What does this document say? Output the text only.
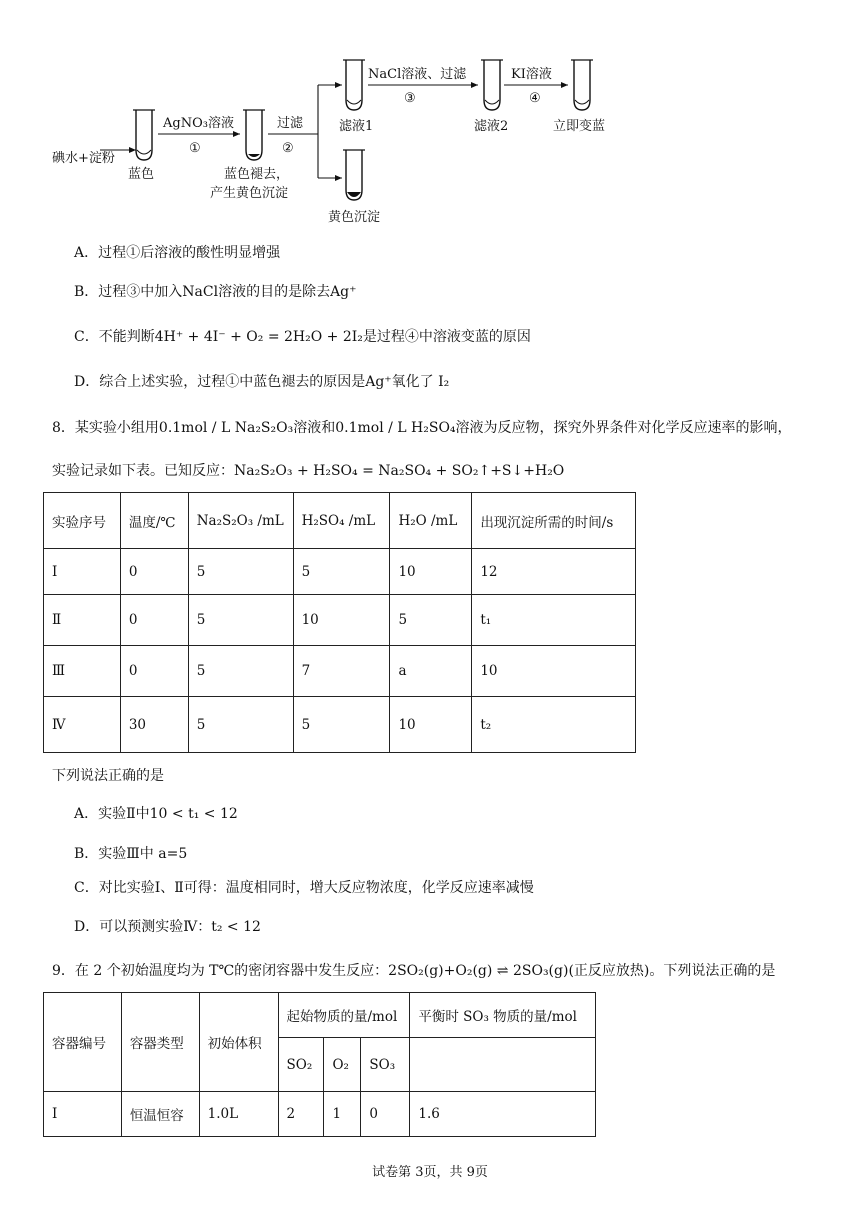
碘水+淀粉
蓝色
AgNO₃溶液
①
蓝色褪去，
产生黄色沉淀
过滤
②
滤液1
黄色沉淀
NaCl溶液、过滤
③
滤液2
KI溶液
④
立即变蓝
A．过程①后溶液的酸性明显增强
B．过程③中加入NaCl溶液的目的是除去Ag⁺
C．不能判断4H⁺ + 4I⁻ + O₂ = 2H₂O + 2I₂是过程④中溶液变蓝的原因
D．综合上述实验，过程①中蓝色褪去的原因是Ag⁺氧化了 I₂
8．某实验小组用0.1mol / L Na₂S₂O₃溶液和0.1mol / L H₂SO₄溶液为反应物，探究外界条件对化学反应速率的影响，
实验记录如下表。已知反应：Na₂S₂O₃ + H₂SO₄ = Na₂SO₄ + SO₂↑+S↓+H₂O
实验序号	温度/℃	Na₂S₂O₃ /mL	H₂SO₄ /mL	H₂O /mL	出现沉淀所需的时间/s
Ⅰ	0	5	5	10	12
Ⅱ	0	5	10	5	t₁
Ⅲ	0	5	7	a	10
Ⅳ	30	5	5	10	t₂
下列说法正确的是
A．实验Ⅱ中10 < t₁ < 12
B．实验Ⅲ中 a=5
C．对比实验Ⅰ、Ⅱ可得：温度相同时，增大反应物浓度，化学反应速率减慢
D．可以预测实验Ⅳ：t₂ < 12
9．在 2 个初始温度均为 T℃的密闭容器中发生反应：2SO₂(g)+O₂(g) ⇌ 2SO₃(g)(正反应放热)。下列说法正确的是
容器编号	容器类型	初始体积	起始物质的量/mol			平衡时 SO₃ 物质的量/mol
			SO₂	O₂	SO₃	
Ⅰ	恒温恒容	1.0L	2	1	0	1.6
试卷第 3页，共 9页
